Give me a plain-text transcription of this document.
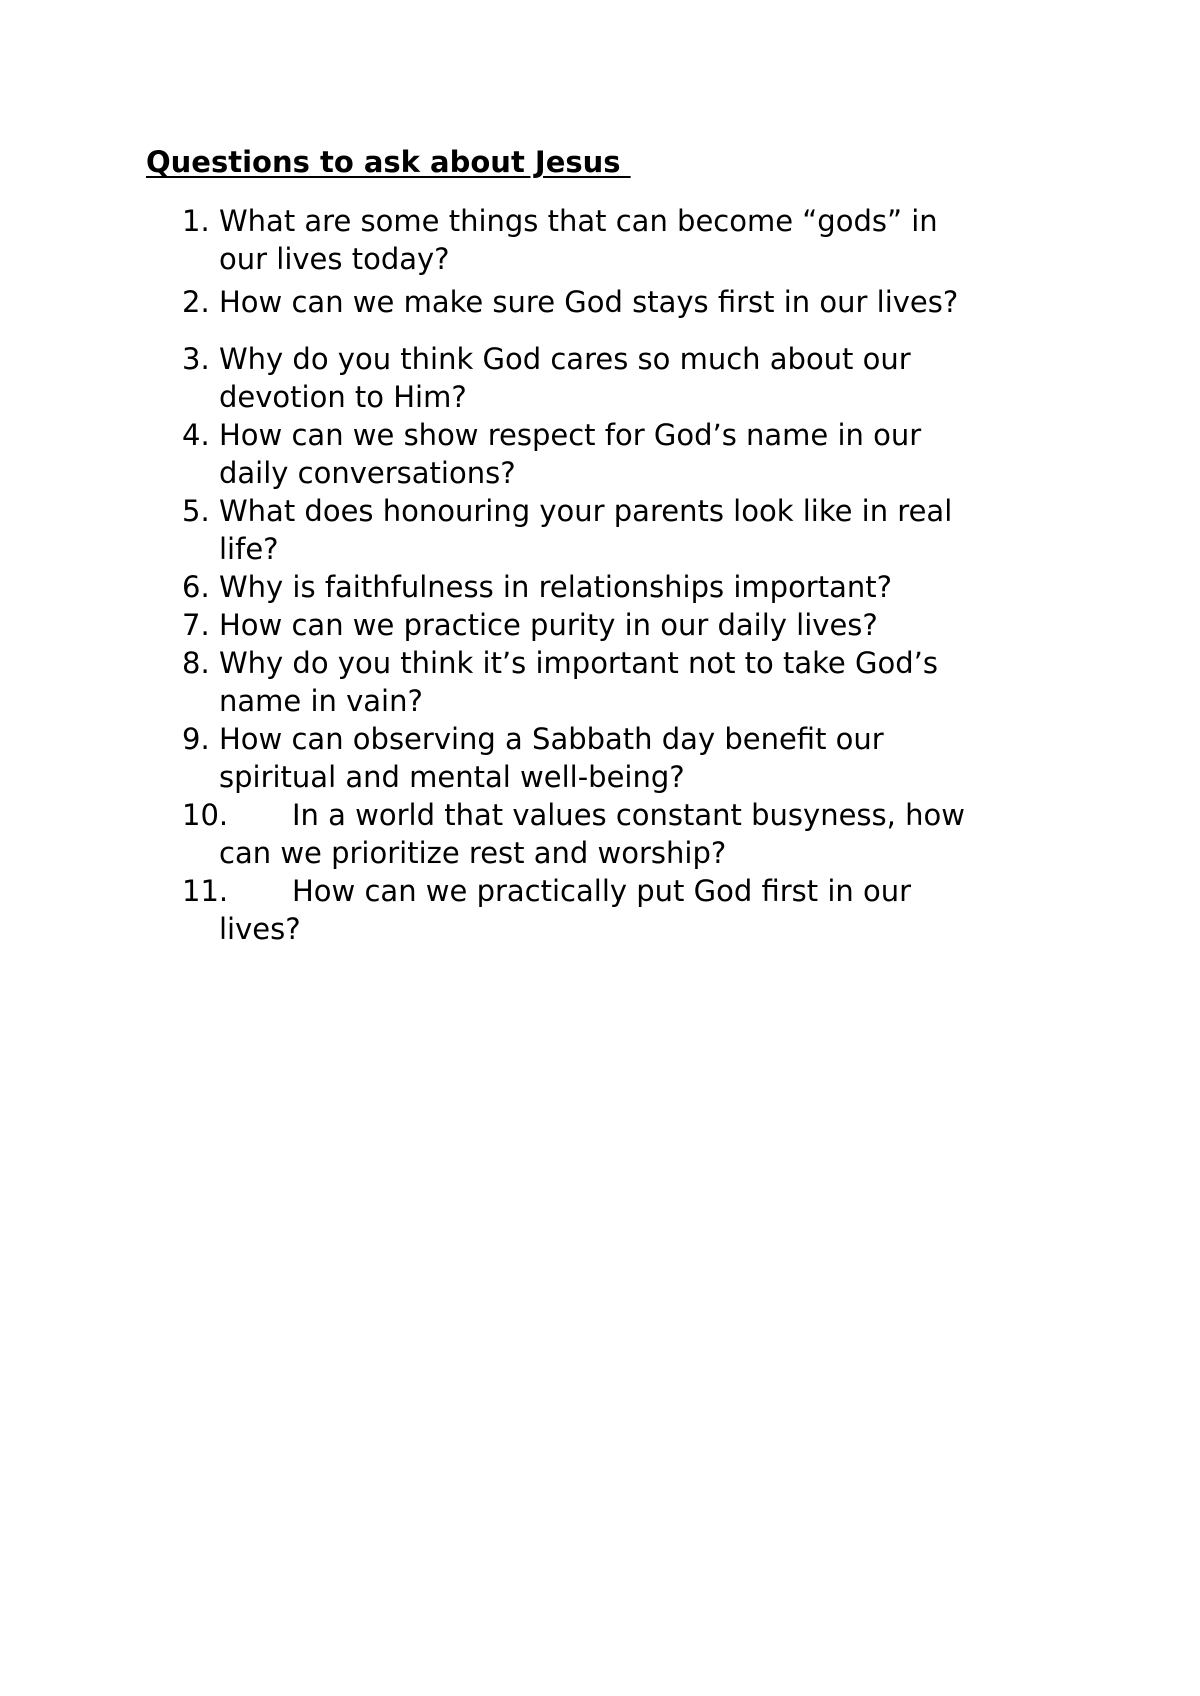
Questions to ask about Jesus
1. What are some things that can become “gods” in
our lives today?
2. How can we make sure God stays first in our lives?
3. Why do you think God cares so much about our
devotion to Him?
4. How can we show respect for God’s name in our
daily conversations?
5. What does honouring your parents look like in real
life?
6. Why is faithfulness in relationships important?
7. How can we practice purity in our daily lives?
8. Why do you think it’s important not to take God’s
name in vain?
9. How can observing a Sabbath day benefit our
spiritual and mental well-being?
10. In a world that values constant busyness, how
can we prioritize rest and worship?
11. How can we practically put God first in our
lives?
